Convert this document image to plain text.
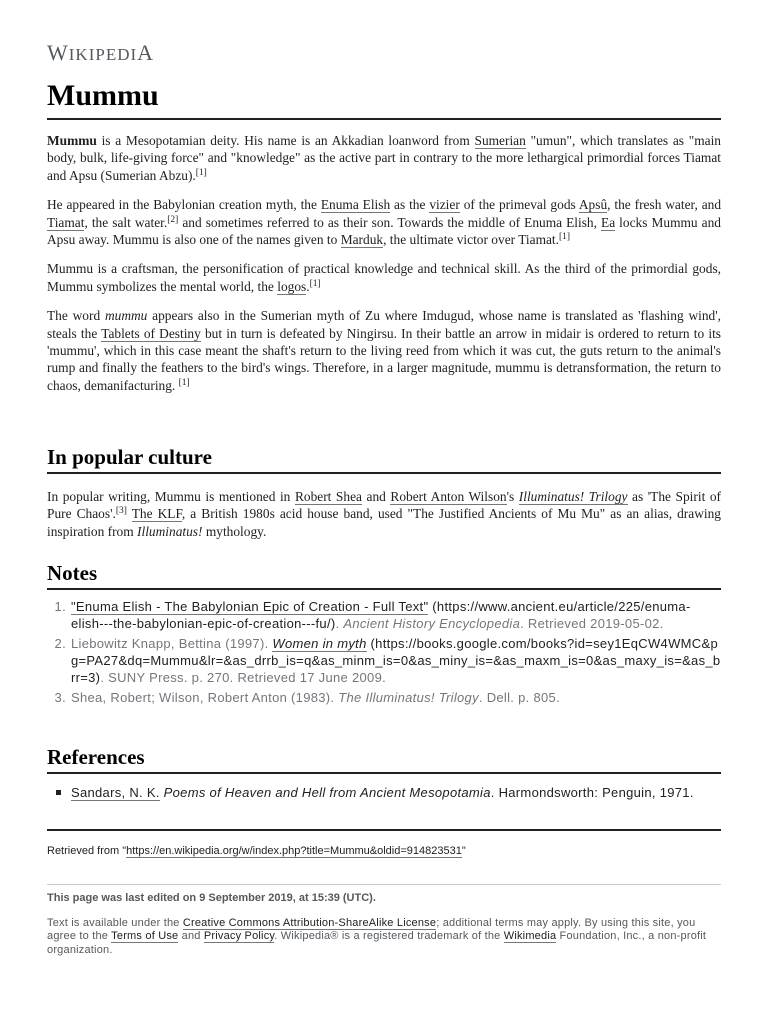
WIKIPEDIA
Mummu

Mummu is a Mesopotamian deity. His name is an Akkadian loanword from Sumerian "umun", which translates as "main body, bulk, life-giving force" and "knowledge" as the active part in contrary to the more lethargical primordial forces Tiamat and Apsu (Sumerian Abzu).[1]

He appeared in the Babylonian creation myth, the Enuma Elish as the vizier of the primeval gods Apsû, the fresh water, and Tiamat, the salt water.[2] and sometimes referred to as their son. Towards the middle of Enuma Elish, Ea locks Mummu and Apsu away. Mummu is also one of the names given to Marduk, the ultimate victor over Tiamat.[1]

Mummu is a craftsman, the personification of practical knowledge and technical skill. As the third of the primordial gods, Mummu symbolizes the mental world, the logos.[1]

The word mummu appears also in the Sumerian myth of Zu where Imdugud, whose name is translated as 'flashing wind', steals the Tablets of Destiny but in turn is defeated by Ningirsu. In their battle an arrow in midair is ordered to return to its 'mummu', which in this case meant the shaft's return to the living reed from which it was cut, the guts return to the animal's rump and finally the feathers to the bird's wings. Therefore, in a larger magnitude, mummu is detransformation, the return to chaos, demanifacturing. [1]

In popular culture

In popular writing, Mummu is mentioned in Robert Shea and Robert Anton Wilson's Illuminatus! Trilogy as 'The Spirit of Pure Chaos'.[3] The KLF, a British 1980s acid house band, used "The Justified Ancients of Mu Mu" as an alias, drawing inspiration from Illuminatus! mythology.

Notes
1. "Enuma Elish - The Babylonian Epic of Creation - Full Text" (https://www.ancient.eu/article/225/enuma-elish---the-babylonian-epic-of-creation---fu/). Ancient History Encyclopedia. Retrieved 2019-05-02.
2. Liebowitz Knapp, Bettina (1997). Women in myth (https://books.google.com/books?id=sey1EqCW4WMC&pg=PA27&dq=Mummu&lr=&as_drrb_is=q&as_minm_is=0&as_miny_is=&as_maxm_is=0&as_maxy_is=&as_brr=3). SUNY Press. p. 270. Retrieved 17 June 2009.
3. Shea, Robert; Wilson, Robert Anton (1983). The Illuminatus! Trilogy. Dell. p. 805.
References
Sandars, N. K. Poems of Heaven and Hell from Ancient Mesopotamia. Harmondsworth: Penguin, 1971.
Retrieved from "https://en.wikipedia.org/w/index.php?title=Mummu&oldid=914823531"
This page was last edited on 9 September 2019, at 15:39 (UTC).
Text is available under the Creative Commons Attribution-ShareAlike License; additional terms may apply. By using this site, you agree to the Terms of Use and Privacy Policy. Wikipedia® is a registered trademark of the Wikimedia Foundation, Inc., a non-profit organization.
